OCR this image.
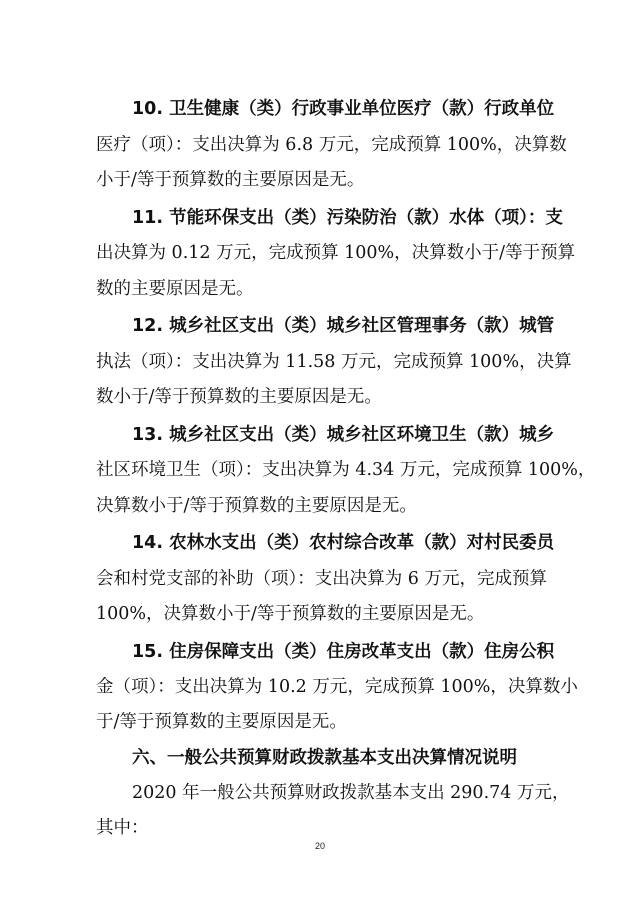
10. 卫生健康（类）行政事业单位医疗（款）行政单位
医疗（项）：支出决算为 6.8 万元，完成预算 100%，决算数
小于/等于预算数的主要原因是无。
11. 节能环保支出（类）污染防治（款）水体（项）：支
出决算为 0.12 万元，完成预算 100%，决算数小于/等于预算
数的主要原因是无。
12. 城乡社区支出（类）城乡社区管理事务（款）城管
执法（项）：支出决算为 11.58 万元，完成预算 100%，决算
数小于/等于预算数的主要原因是无。
13. 城乡社区支出（类）城乡社区环境卫生（款）城乡
社区环境卫生（项）：支出决算为 4.34 万元，完成预算 100%，
决算数小于/等于预算数的主要原因是无。
14. 农林水支出（类）农村综合改革（款）对村民委员
会和村党支部的补助（项）：支出决算为 6 万元，完成预算
100%，决算数小于/等于预算数的主要原因是无。
15. 住房保障支出（类）住房改革支出（款）住房公积
金（项）：支出决算为 10.2 万元，完成预算 100%，决算数小
于/等于预算数的主要原因是无。
六、一般公共预算财政拨款基本支出决算情况说明
2020 年一般公共预算财政拨款基本支出 290.74 万元，
其中：
20
